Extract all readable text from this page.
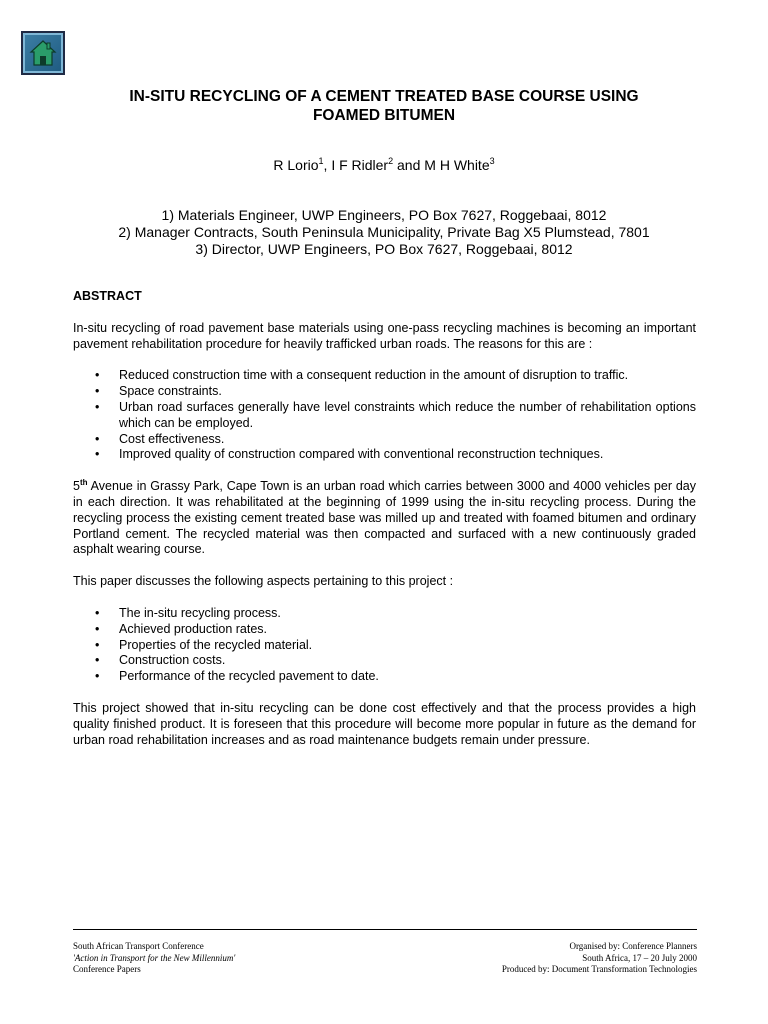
IN-SITU RECYCLING OF A CEMENT TREATED BASE COURSE USING
FOAMED BITUMEN
R Lorio$^1$, I F Ridler$^2$ and M H White$^3$
1) Materials Engineer, UWP Engineers, PO Box 7627, Roggebaai, 8012
2) Manager Contracts, South Peninsula Municipality, Private Bag X5 Plumstead, 7801
3) Director, UWP Engineers, PO Box 7627, Roggebaai, 8012

ABSTRACT

In-situ recycling of road pavement base materials using one-pass recycling machines is becoming an important pavement rehabilitation procedure for heavily trafficked urban roads. The reasons for this are :

• Reduced construction time with a consequent reduction in the amount of disruption to traffic.
• Space constraints.
• Urban road surfaces generally have level constraints which reduce the number of rehabilitation options which can be employed.
• Cost effectiveness.
• Improved quality of construction compared with conventional reconstruction techniques.

5th Avenue in Grassy Park, Cape Town is an urban road which carries between 3000 and 4000 vehicles per day in each direction. It was rehabilitated at the beginning of 1999 using the in-situ recycling process. During the recycling process the existing cement treated base was milled up and treated with foamed bitumen and ordinary Portland cement. The recycled material was then compacted and surfaced with a new continuously graded asphalt wearing course.

This paper discusses the following aspects pertaining to this project :

• The in-situ recycling process.
• Achieved production rates.
• Properties of the recycled material.
• Construction costs.
• Performance of the recycled pavement to date.

This project showed that in-situ recycling can be done cost effectively and that the process provides a high quality finished product. It is foreseen that this procedure will become more popular in future as the demand for urban road rehabilitation increases and as road maintenance budgets remain under pressure.

South African Transport Conference
'Action in Transport for the New Millennium'
Conference Papers
Organised by: Conference Planners
South Africa, 17 – 20 July 2000
Produced by: Document Transformation Technologies
